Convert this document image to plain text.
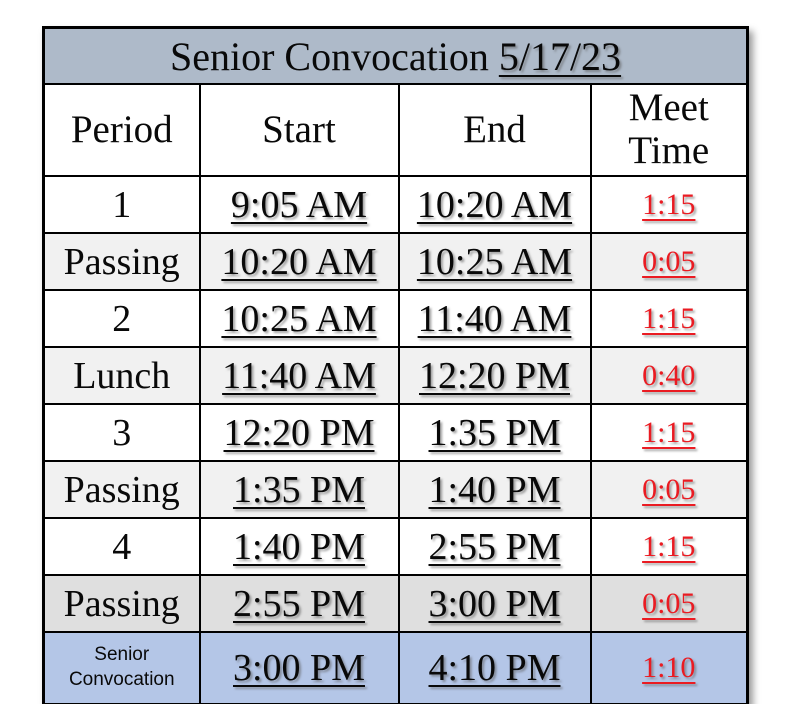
Senior Convocation 5/17/23			
Period	Start	End	Meet Time
1	9:05 AM	10:20 AM	1:15
Passing	10:20 AM	10:25 AM	0:05
2	10:25 AM	11:40 AM	1:15
Lunch	11:40 AM	12:20 PM	0:40
3	12:20 PM	1:35 PM	1:15
Passing	1:35 PM	1:40 PM	0:05
4	1:40 PM	2:55 PM	1:15
Passing	2:55 PM	3:00 PM	0:05
Senior Convocation	3:00 PM	4:10 PM	1:10
